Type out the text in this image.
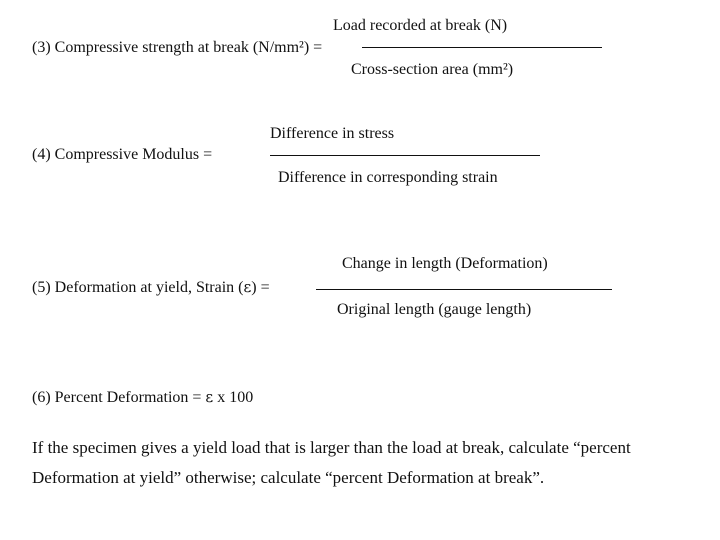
Load recorded at break (N)
(3) Compressive strength at break (N/mm²) =
Cross-section area (mm²)
Difference in stress
(4) Compressive Modulus =
Difference in corresponding strain
Change in length (Deformation)
(5) Deformation at yield, Strain (ε) =
Original length (gauge length)
(6) Percent Deformation = ε x 100
If the specimen gives a yield load that is larger than the load at break, calculate “percent Deformation at yield” otherwise; calculate “percent Deformation at break”.
